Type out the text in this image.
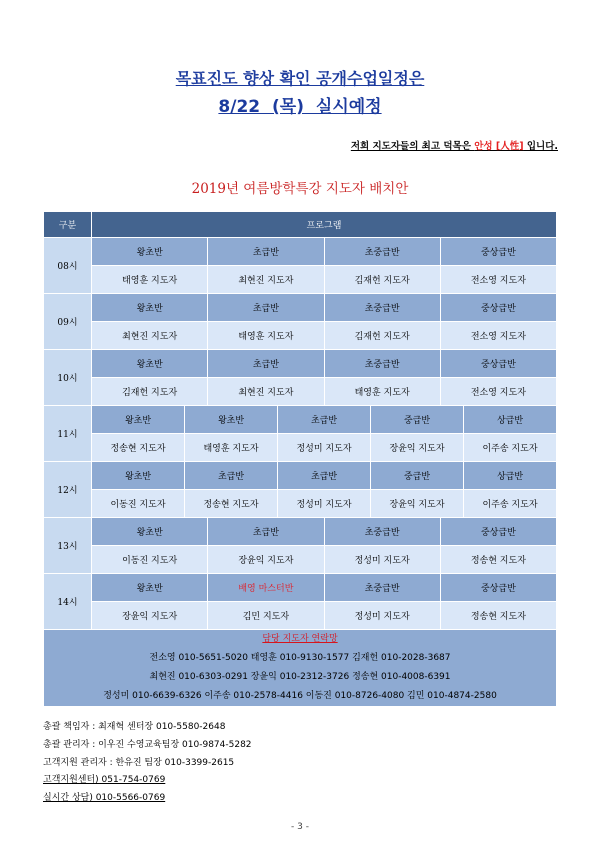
목표진도 향상 확인 공개수업일정은
8/22 (목) 실시예정
저희 지도자들의 최고 덕목은 안성 [人性] 입니다.
2019년 여름방학특강 지도자 배치안
구분	프로그램							
08시	왕초반		초급반		초중급반		중상급반	
	태영훈 지도자		최현진 지도자		김재헌 지도자		전소영 지도자	
09시	왕초반		초급반		초중급반		중상급반	
	최현진 지도자		태영훈 지도자		김재헌 지도자		전소영 지도자	
10시	왕초반		초급반		초중급반		중상급반	
	김재헌 지도자		최현진 지도자		태영훈 지도자		전소영 지도자	
11시	왕초반	왕초반		초급반		중급반		상급반
	정송현 지도자	태영훈 지도자		정성미 지도자		장윤익 지도자		이주송 지도자
12시	왕초반	초급반		초급반		중급반		상급반
	이동진 지도자	정송현 지도자		정성미 지도자		장윤익 지도자		이주송 지도자
13시	왕초반		초급반		초중급반		중상급반	
	이동진 지도자		장윤익 지도자		정성미 지도자		정송현 지도자	
14시	왕초반		배영 마스터반		초중급반		중상급반	
	장윤익 지도자		김민 지도자		정성미 지도자		정송현 지도자	

담당 지도자 연락망
전소영 010-5651-5020 태영훈 010-9130-1577 김재헌 010-2028-3687
최현진 010-6303-0291 장윤익 010-2312-3726 정송현 010-4008-6391
정성미 010-6639-6326 이주송 010-2578-4416 이동진 010-8726-4080 김민 010-4874-2580								
총괄 책임자 : 최재혁 센터장 010-5580-2648
총괄 관리자 : 이우진 수영교육팀장 010-9874-5282
고객지원 관리자 : 한유진 팀장 010-3399-2615
고객지원센터) 051-754-0769
실시간 상담) 010-5566-0769
- 3 -
